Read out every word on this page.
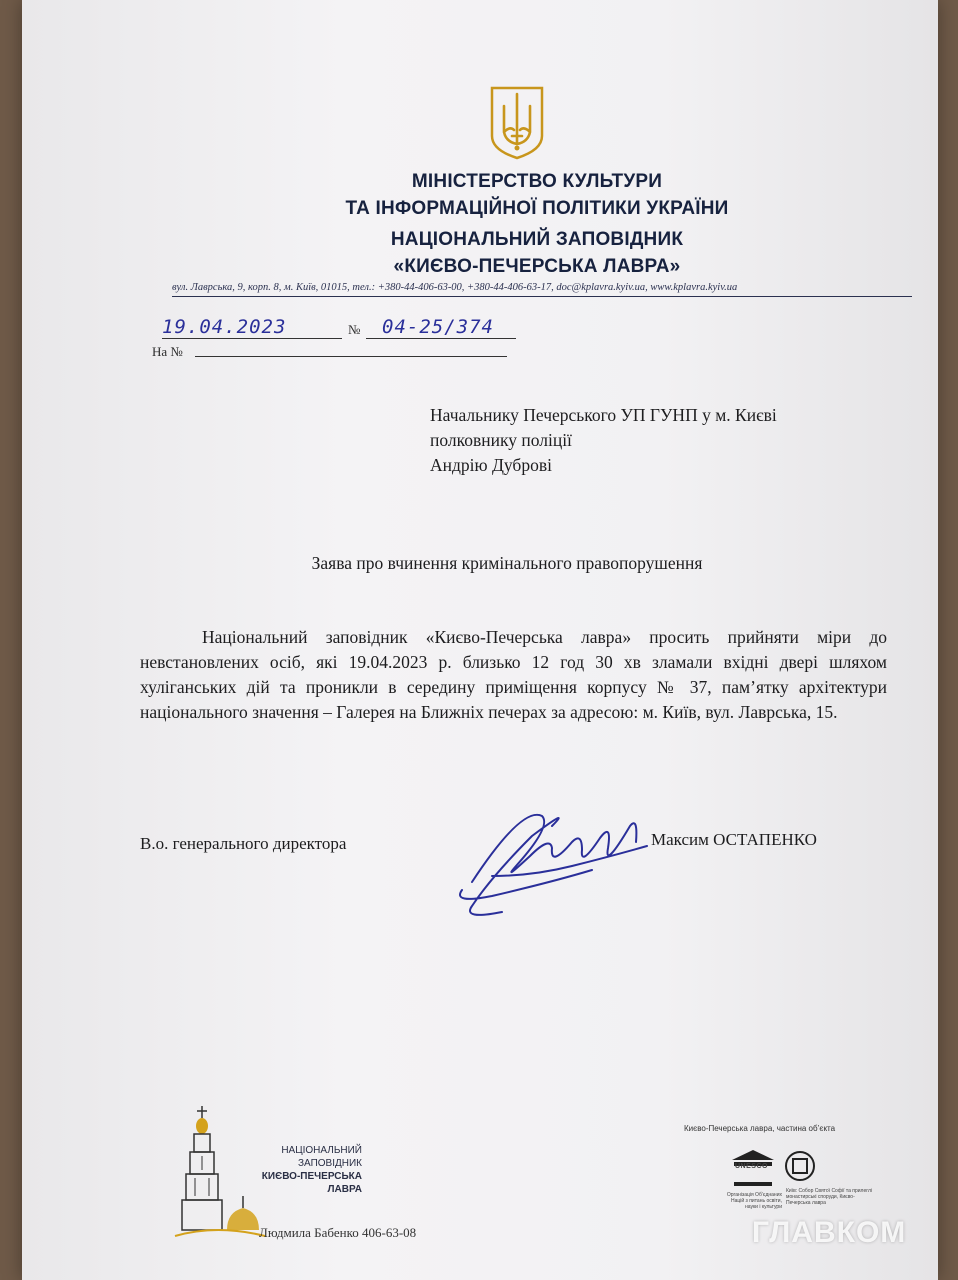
МІНІСТЕРСТВО КУЛЬТУРИ
ТА ІНФОРМАЦІЙНОЇ ПОЛІТИКИ УКРАЇНИ
НАЦІОНАЛЬНИЙ ЗАПОВІДНИК
«КИЄВО-ПЕЧЕРСЬКА ЛАВРА»
вул. Лаврська, 9, корп. 8, м. Київ, 01015, тел.: +380-44-406-63-00, +380-44-406-63-17, doc@kplavra.kyiv.ua, www.kplavra.kyiv.ua
19.04.2023	№ 04-25/374
На №
Начальнику Печерського УП ГУНП у м. Києві
полковнику поліції
Андрію Дуброві
Заява про вчинення кримінального правопорушення
Національний заповідник «Києво-Печерська лавра» просить прийняти міри до невстановлених осіб, які 19.04.2023 р. близько 12 год 30 хв зламали вхідні двері шляхом хуліганських дій та проникли в середину приміщення корпусу № 37, пам’ятку архітектури національного значення – Галерея на Ближніх печерах за адресою: м. Київ, вул. Лаврська, 15.
В.о. генерального директора	Максим ОСТАПЕНКО
НАЦІОНАЛЬНИЙ
ЗАПОВІДНИК
КИЄВО-ПЕЧЕРСЬКА
ЛАВРА
Людмила Бабенко 406-63-08
Києво-Печерська лавра, частина об’єкта
UNESCO
Організація Об’єднаних Націй з питань освіти, науки і культури
Київ: Собор Святої Софії та прилеглі монастирські споруди, Києво-Печерська лавра
ГЛАВКОМ
